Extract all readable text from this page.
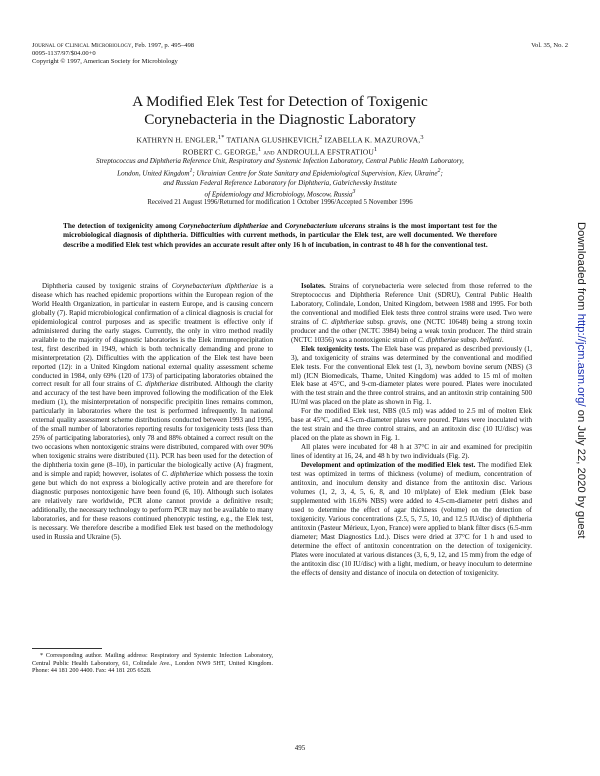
Journal of Clinical Microbiology, Feb. 1997, p. 495–498
0095-1137/97/$04.00+0
Copyright © 1997, American Society for Microbiology
Vol. 35, No. 2
A Modified Elek Test for Detection of Toxigenic
Corynebacteria in the Diagnostic Laboratory
KATHRYN H. ENGLER,$^{1*}$ TATIANA GLUSHKEVICH,$^2$ IZABELLA K. MAZUROVA,$^3$
ROBERT C. GEORGE,$^1$ and ANDROULLA EFSTRATIOU$^1$
Streptococcus and Diphtheria Reference Unit, Respiratory and Systemic Infection Laboratory, Central Public Health Laboratory,
London, United Kingdom$^1$; Ukrainian Centre for State Sanitary and Epidemiological Supervision, Kiev, Ukraine$^2$;
and Russian Federal Reference Laboratory for Diphtheria, Gabrichevsky Institute
of Epidemiology and Microbiology, Moscow, Russia$^3$
Received 21 August 1996/Returned for modification 1 October 1996/Accepted 5 November 1996
The detection of toxigenicity among Corynebacterium diphtheriae and Corynebacterium ulcerans strains is the most important test for the microbiological diagnosis of diphtheria. Difficulties with current methods, in particular the Elek test, are well documented. We therefore describe a modified Elek test which provides an accurate result after only 16 h of incubation, in contrast to 48 h for the conventional test.

Diphtheria caused by toxigenic strains of Corynebacterium diphtheriae is a disease which has reached epidemic proportions within the European region of the World Health Organization, in particular in eastern Europe, and is causing concern globally (7). Rapid microbiological confirmation of a clinical diagnosis is crucial for epidemiological control purposes and as specific treatment is effective only if administered during the early stages. Currently, the only in vitro method readily available to the majority of diagnostic laboratories is the Elek immunoprecipitation test, first described in 1949, which is both technically demanding and prone to misinterpretation (2). Difficulties with the application of the Elek test have been reported (12): in a United Kingdom national external quality assessment scheme conducted in 1984, only 69% (120 of 173) of participating laboratories obtained the correct result for all four strains of C. diphtheriae distributed. Although the clarity and accuracy of the test have been improved following the modification of the Elek medium (1), the misinterpretation of nonspecific precipitin lines remains common, particularly in laboratories where the test is performed infrequently. In national external quality assessment scheme distributions conducted between 1993 and 1995, of the small number of laboratories reporting results for toxigenicity tests (less than 25% of participating laboratories), only 78 and 88% obtained a correct result on the two occasions when nontoxigenic strains were distributed, compared with over 90% when toxigenic strains were distributed (11). PCR has been used for the detection of the diphtheria toxin gene (8–10), in particular the biologically active (A) fragment, and is simple and rapid; however, isolates of C. diphtheriae which possess the toxin gene but which do not express a biologically active protein and are therefore for diagnostic purposes nontoxigenic have been found (6, 10). Although such isolates are relatively rare worldwide, PCR alone cannot provide a definitive result; additionally, the necessary technology to perform PCR may not be available to many laboratories, and for these reasons continued phenotypic testing, e.g., the Elek test, is necessary. We therefore describe a modified Elek test based on the methodology used in Russia and Ukraine (5).

* Corresponding author. Mailing address: Respiratory and Systemic Infection Laboratory, Central Public Health Laboratory, 61, Colindale Ave., London NW9 5HT, United Kingdom. Phone: 44 181 200 4400. Fax: 44 181 205 6528.

Isolates. Strains of corynebacteria were selected from those referred to the Streptococcus and Diphtheria Reference Unit (SDRU), Central Public Health Laboratory, Colindale, London, United Kingdom, between 1988 and 1995. For both the conventional and modified Elek tests three control strains were used. Two were strains of C. diphtheriae subsp. gravis, one (NCTC 10648) being a strong toxin producer and the other (NCTC 3984) being a weak toxin producer. The third strain (NCTC 10356) was a nontoxigenic strain of C. diphtheriae subsp. belfanti.

Elek toxigenicity tests. The Elek base was prepared as described previously (1, 3), and toxigenicity of strains was determined by the conventional and modified Elek tests. For the conventional Elek test (1, 3), newborn bovine serum (NBS) (3 ml) (ICN Biomedicals, Thame, United Kingdom) was added to 15 ml of molten Elek base at 45°C, and 9-cm-diameter plates were poured. Plates were inoculated with the test strain and the three control strains, and an antitoxin strip containing 500 IU/ml was placed on the plate as shown in Fig. 1.

For the modified Elek test, NBS (0.5 ml) was added to 2.5 ml of molten Elek base at 45°C, and 4.5-cm-diameter plates were poured. Plates were inoculated with the test strain and the three control strains, and an antitoxin disc (10 IU/disc) was placed on the plate as shown in Fig. 1.

All plates were incubated for 48 h at 37°C in air and examined for precipitin lines of identity at 16, 24, and 48 h by two individuals (Fig. 2).

Development and optimization of the modified Elek test. The modified Elek test was optimized in terms of thickness (volume) of medium, concentration of antitoxin, and inoculum density and distance from the antitoxin disc. Various volumes (1, 2, 3, 4, 5, 6, 8, and 10 ml/plate) of Elek medium (Elek base supplemented with 16.6% NBS) were added to 4.5-cm-diameter petri dishes and used to determine the effect of agar thickness (volume) on the detection of toxigenicity. Various concentrations (2.5, 5, 7.5, 10, and 12.5 IU/disc) of diphtheria antitoxin (Pasteur Mérieux, Lyon, France) were applied to blank filter discs (6.5-mm diameter; Mast Diagnostics Ltd.). Discs were dried at 37°C for 1 h and used to determine the effect of antitoxin concentration on the detection of toxigenicity. Plates were inoculated at various distances (3, 6, 9, 12, and 15 mm) from the edge of the antitoxin disc (10 IU/disc) with a light, medium, or heavy inoculum to determine the effects of density and distance of inocula on detection of toxigenicity.

495
Downloaded from http://jcm.asm.org/ on July 22, 2020 by guest
